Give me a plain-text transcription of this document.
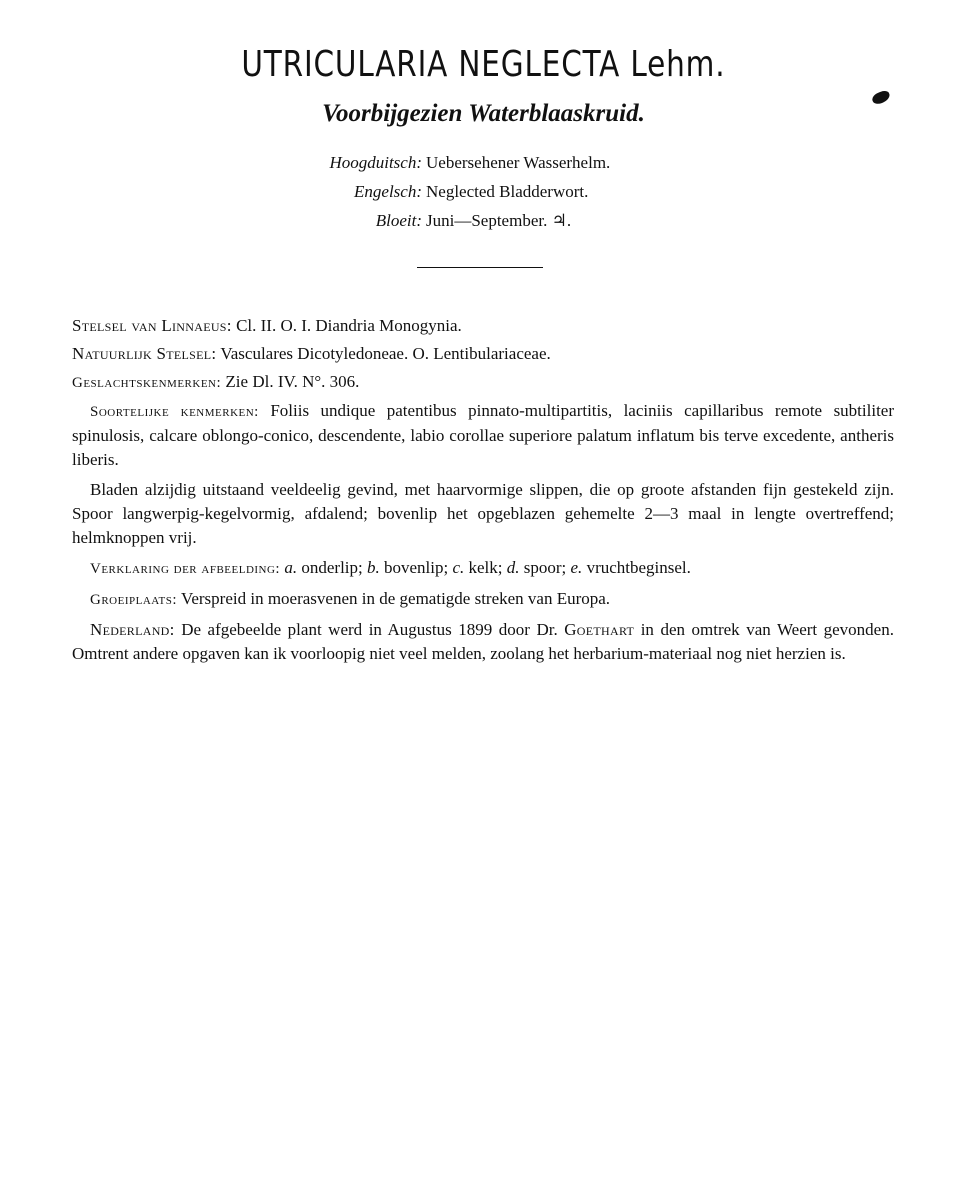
UTRICULARIA NEGLECTA Lehm.
Voorbijgezien Waterblaaskruid.
Hoogduitsch: Uebersehener Wasserhelm.
Engelsch: Neglected Bladderwort.
Bloeit: Juni—September. ♃.

Stelsel van Linnaeus: Cl. II. O. I. Diandria Monogynia.

Natuurlijk Stelsel: Vasculares Dicotyledoneae. O. Lentibulariaceae.

Geslachtskenmerken: Zie Dl. IV. N°. 306.

Soortelijke kenmerken: Foliis undique patentibus pinnato-multipartitis, laciniis capillaribus remote subtiliter spinulosis, calcare oblongo-conico, descendente, labio corollae superiore palatum inflatum bis terve excedente, antheris liberis.

Bladen alzijdig uitstaand veeldeelig gevind, met haarvormige slippen, die op groote afstanden fijn gestekeld zijn. Spoor langwerpig-kegelvormig, afdalend; bovenlip het opgeblazen gehemelte 2—3 maal in lengte overtreffend; helmknoppen vrij.

Verklaring der afbeelding: a. onderlip; b. bovenlip; c. kelk; d. spoor; e. vruchtbeginsel.

Groeiplaats: Verspreid in moerasvenen in de gematigde streken van Europa.

Nederland: De afgebeelde plant werd in Augustus 1899 door Dr. Goethart in den omtrek van Weert gevonden. Omtrent andere opgaven kan ik voorloopig niet veel melden, zoolang het herbarium-materiaal nog niet herzien is.
